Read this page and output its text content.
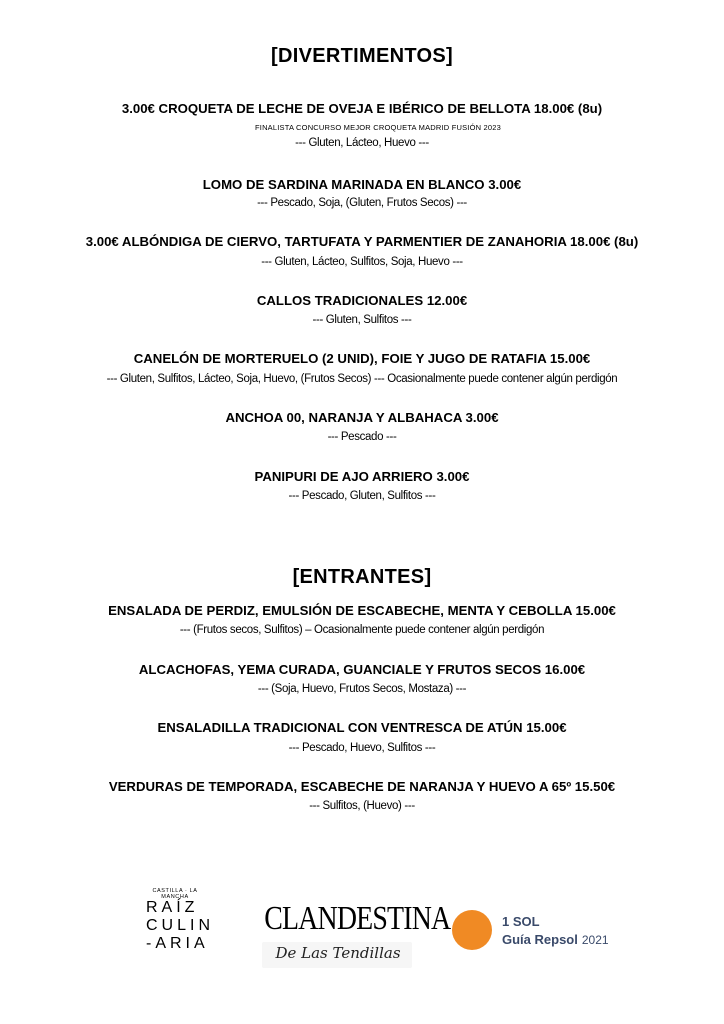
[DIVERTIMENTOS]
3.00€ CROQUETA DE LECHE DE OVEJA E IBÉRICO DE BELLOTA 18.00€ (8u)
FINALISTA CONCURSO MEJOR CROQUETA MADRID FUSIÓN 2023
--- Gluten, Lácteo, Huevo ---
LOMO DE SARDINA MARINADA EN BLANCO 3.00€
--- Pescado, Soja, (Gluten, Frutos Secos) ---
3.00€ ALBÓNDIGA DE CIERVO, TARTUFATA Y PARMENTIER DE ZANAHORIA 18.00€ (8u)
--- Gluten, Lácteo, Sulfitos, Soja, Huevo ---
CALLOS TRADICIONALES 12.00€
--- Gluten, Sulfitos ---
CANELÓN DE MORTERUELO (2 UNID), FOIE Y JUGO DE RATAFIA 15.00€
--- Gluten, Sulfitos, Lácteo, Soja, Huevo, (Frutos Secos) --- Ocasionalmente puede contener algún perdigón
ANCHOA 00, NARANJA Y ALBAHACA 3.00€
--- Pescado ---
PANIPURI DE AJO ARRIERO 3.00€
--- Pescado, Gluten, Sulfitos ---
[ENTRANTES]
ENSALADA DE PERDIZ, EMULSIÓN DE ESCABECHE, MENTA Y CEBOLLA 15.00€
--- (Frutos secos, Sulfitos) – Ocasionalmente puede contener algún perdigón
ALCACHOFAS, YEMA CURADA, GUANCIALE Y FRUTOS SECOS 16.00€
--- (Soja, Huevo, Frutos Secos, Mostaza) ---
ENSALADILLA TRADICIONAL CON VENTRESCA DE ATÚN 15.00€
--- Pescado, Huevo, Sulfitos ---
VERDURAS DE TEMPORADA, ESCABECHE DE NARANJA Y HUEVO A 65º 15.50€
--- Sulfitos, (Huevo) ---
CASTILLA · LA MANCHA
RAÍZ
CULIN
-ARIA
CLANDESTINA
De Las Tendillas
1 SOL
Guía Repsol 2021
